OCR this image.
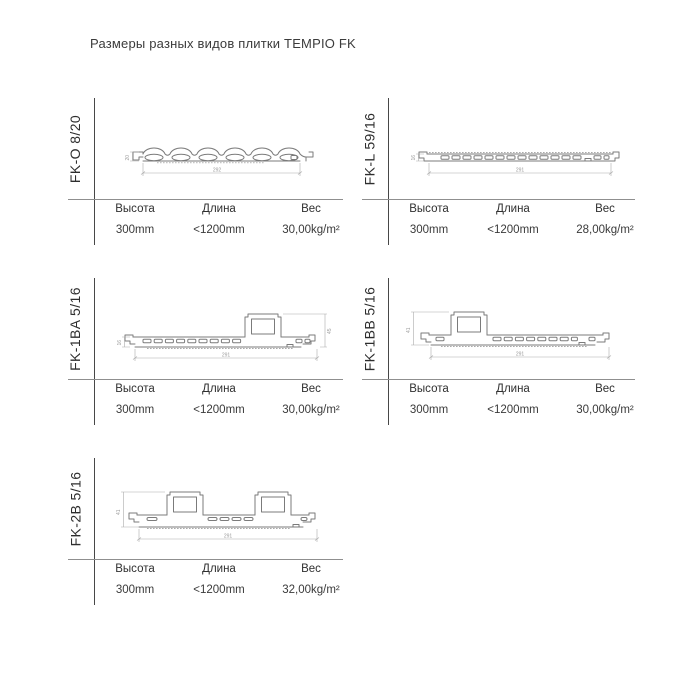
Размеры разных видов плитки TEMPIO FK
FK-O 8/20	292
20
Высота	Длина	Вес
300mm	<1200mm	30,00kg/m²
FK-L 59/16	291
16
Высота	Длина	Вес
300mm	<1200mm	28,00kg/m²
FK-1BA 5/16	291
16
45
Высота	Длина	Вес
300mm	<1200mm	30,00kg/m²
FK-1BB 5/16	291
41
Высота	Длина	Вес
300mm	<1200mm	30,00kg/m²
FK-2B 5/16	291
41
Высота	Длина	Вес
300mm	<1200mm	32,00kg/m²
